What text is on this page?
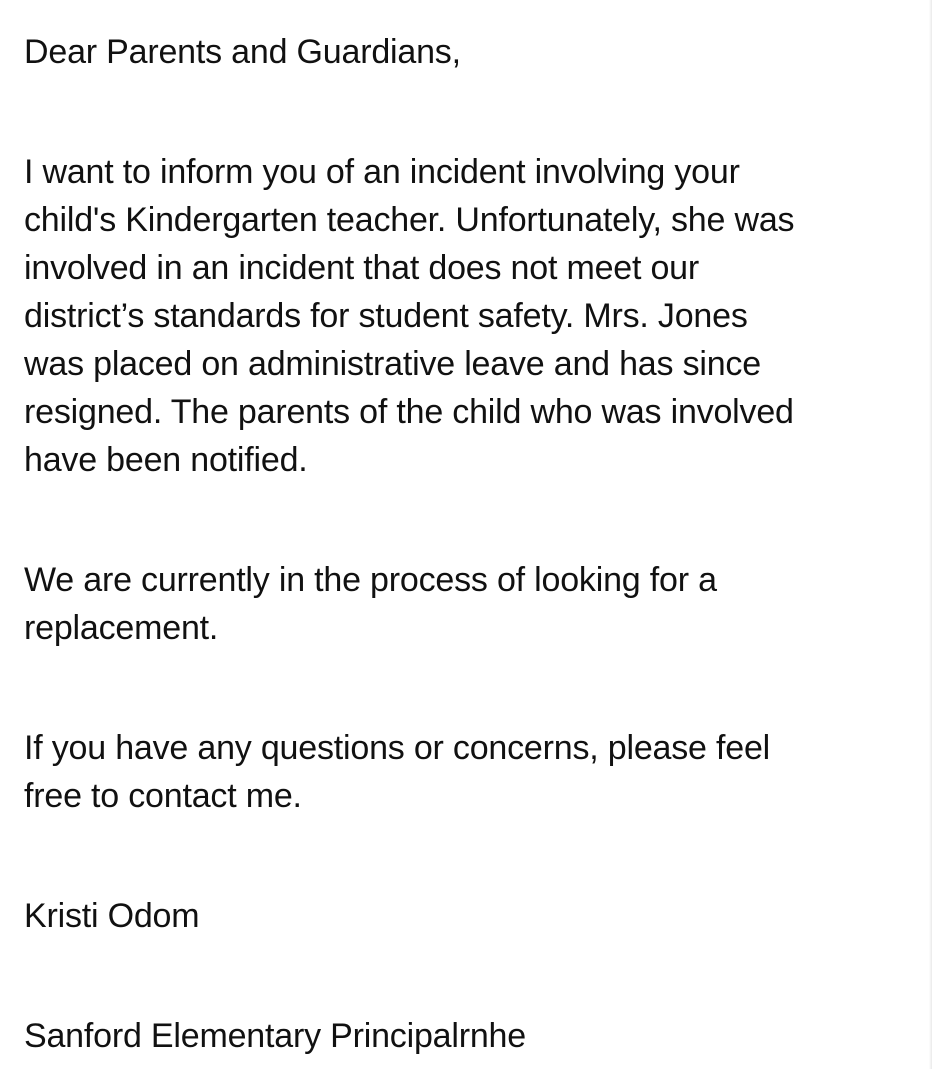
Dear Parents and Guardians,

I want to inform you of an incident involving your

child's Kindergarten teacher. Unfortunately, she was

involved in an incident that does not meet our

district’s standards for student safety. Mrs. Jones

was placed on administrative leave and has since

resigned. The parents of the child who was involved

have been notified.

We are currently in the process of looking for a

replacement.

If you have any questions or concerns, please feel

free to contact me.

Kristi Odom

Sanford Elementary Principalrnhe
